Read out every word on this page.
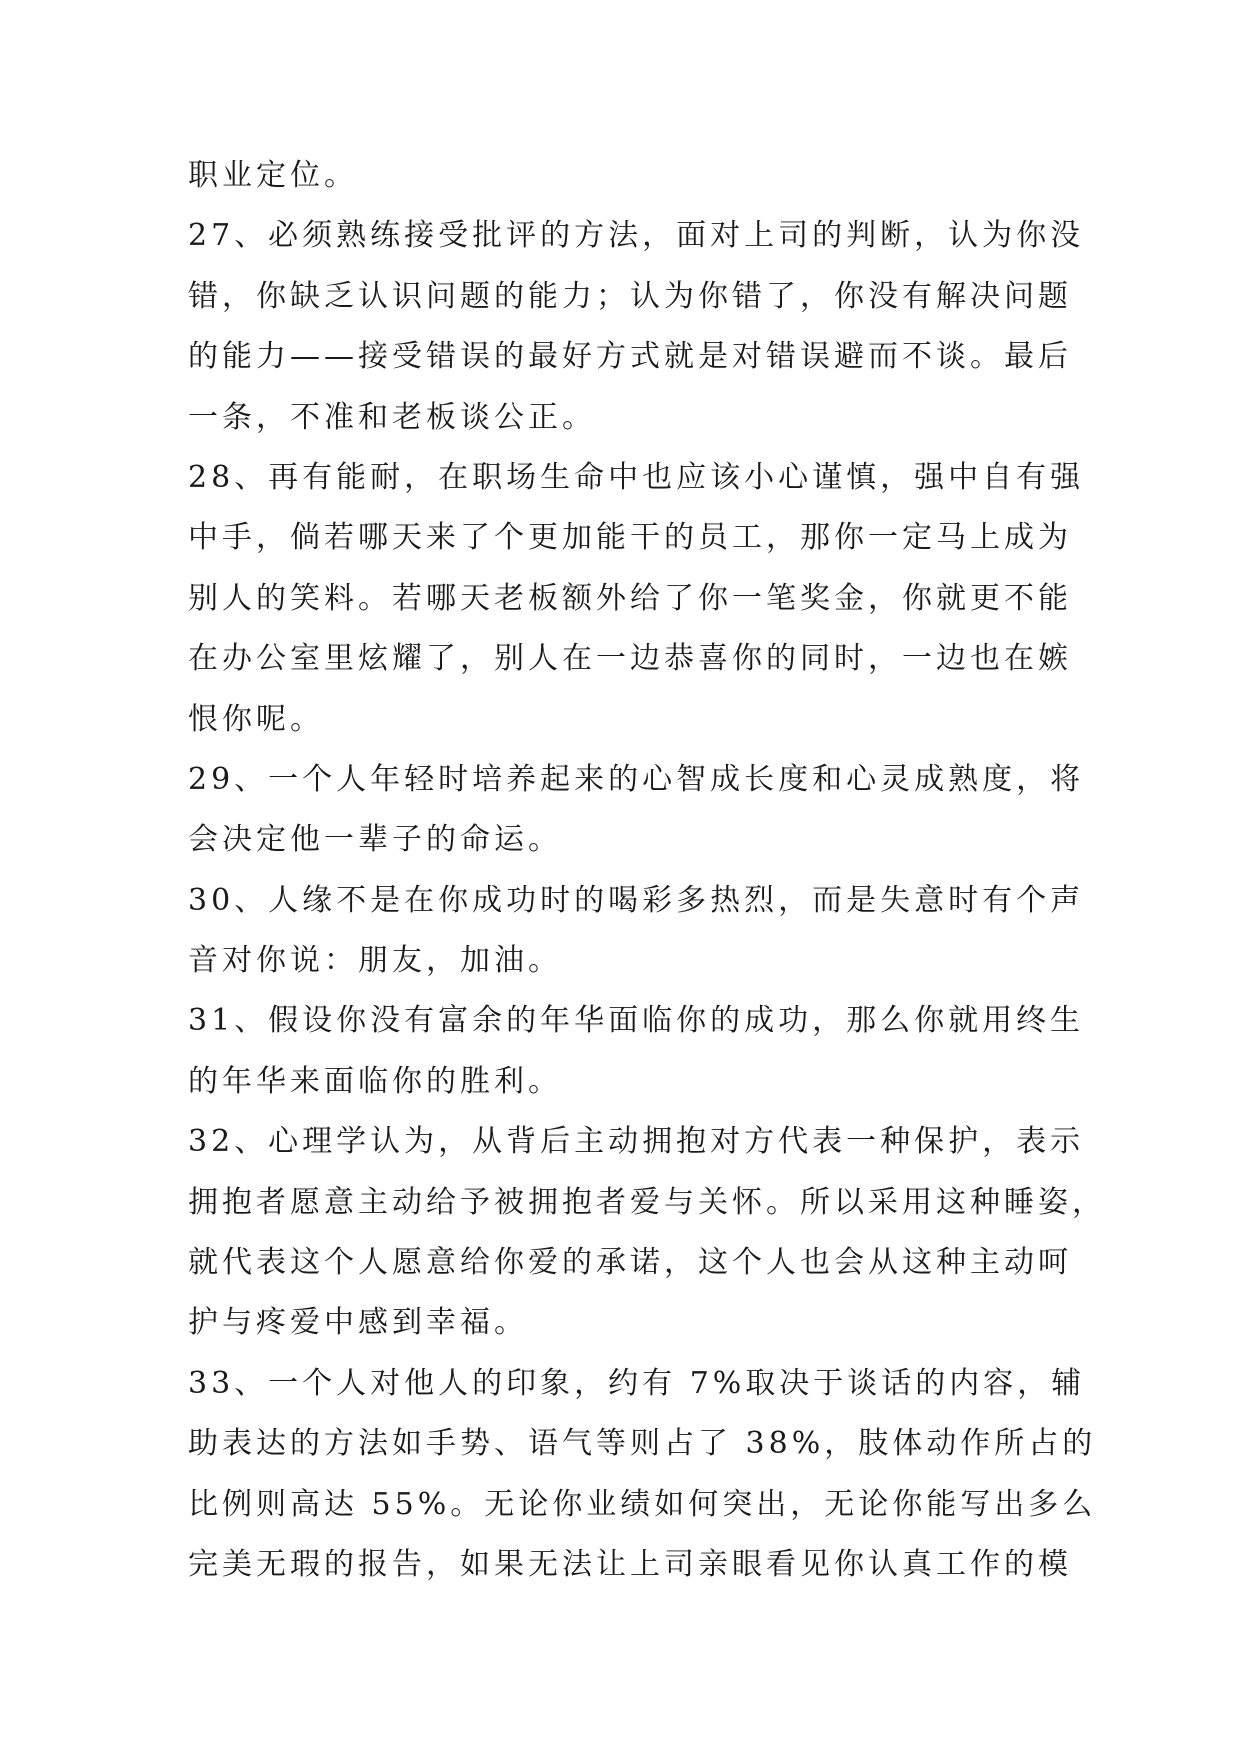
职业定位。
27、必须熟练接受批评的方法，面对上司的判断，认为你没
错，你缺乏认识问题的能力；认为你错了，你没有解决问题
的能力——接受错误的最好方式就是对错误避而不谈。最后
一条，不准和老板谈公正。
28、再有能耐，在职场生命中也应该小心谨慎，强中自有强
中手，倘若哪天来了个更加能干的员工，那你一定马上成为
别人的笑料。若哪天老板额外给了你一笔奖金，你就更不能
在办公室里炫耀了，别人在一边恭喜你的同时，一边也在嫉
恨你呢。
29、一个人年轻时培养起来的心智成长度和心灵成熟度，将
会决定他一辈子的命运。
30、人缘不是在你成功时的喝彩多热烈，而是失意时有个声
音对你说：朋友，加油。
31、假设你没有富余的年华面临你的成功，那么你就用终生
的年华来面临你的胜利。
32、心理学认为，从背后主动拥抱对方代表一种保护，表示
拥抱者愿意主动给予被拥抱者爱与关怀。所以采用这种睡姿，
就代表这个人愿意给你爱的承诺，这个人也会从这种主动呵
护与疼爱中感到幸福。
33、一个人对他人的印象，约有 7%取决于谈话的内容，辅
助表达的方法如手势、语气等则占了 38%，肢体动作所占的
比例则高达 55%。无论你业绩如何突出，无论你能写出多么
完美无瑕的报告，如果无法让上司亲眼看见你认真工作的模
